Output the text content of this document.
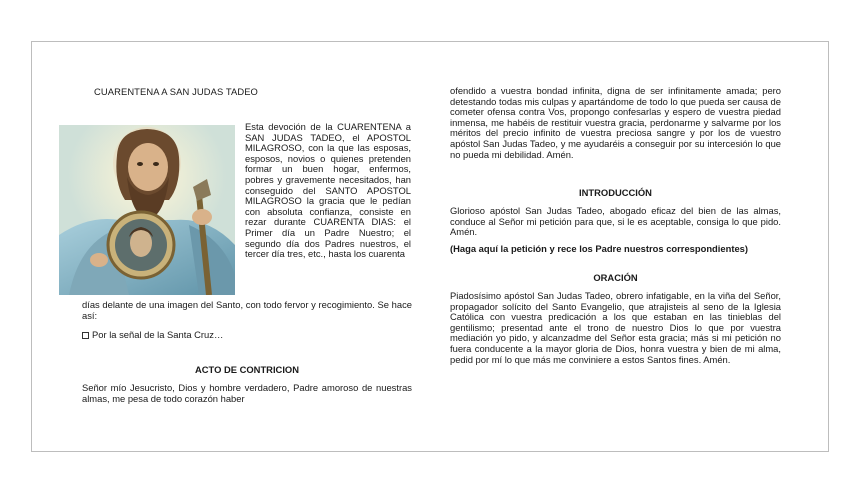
CUARENTENA A SAN JUDAS TADEO
Esta devoción de la CUARENTENA a SAN JUDAS TADEO, el APOSTOL MILAGROSO, con la que las esposas, esposos, novios o quienes pretenden formar un buen hogar, enfermos, pobres y gravemente necesitados, han conseguido del SANTO APOSTOL MILAGROSO la gracia que le pedían con absoluta confianza, consiste en rezar durante CUARENTA DIAS: el Primer día un Padre Nuestro; el segundo día dos Padres nuestros, el tercer día tres, etc., hasta los cuarenta
días delante de una imagen del Santo, con todo fervor y recogimiento. Se hace así:
Por la señal de la Santa Cruz…
ACTO DE CONTRICION
Señor mío Jesucristo, Dios y hombre verdadero, Padre amoroso de nuestras almas, me pesa de todo corazón haber
ofendido a vuestra bondad infinita, digna de ser infinitamente amada; pero detestando todas mis culpas y apartándome de todo lo que pueda ser causa de cometer ofensa contra Vos, propongo confesarlas y espero de vuestra piedad inmensa, me habéis de restituir vuestra gracia, perdonarme y salvarme por los méritos del precio infinito de vuestra preciosa sangre y por los de vuestro apóstol San Judas Tadeo, y me ayudaréis a conseguir por su intercesión lo que no pueda mi debilidad. Amén.
INTRODUCCIÓN
Glorioso apóstol San Judas Tadeo, abogado eficaz del bien de las almas, conduce al Señor mi petición para que, si le es aceptable, consiga lo que pido. Amén.
(Haga aquí la petición y rece los Padre nuestros correspondientes)
ORACIÓN
Piadosísimo apóstol San Judas Tadeo, obrero infatigable, en la viña del Señor, propagador solícito del Santo Evangelio, que atrajisteis al seno de la Iglesia Católica con vuestra predicación a los que estaban en las tinieblas del gentilismo; presentad ante el trono de nuestro Dios lo que por vuestra mediación yo pido, y alcanzadme del Señor esta gracia; más si mi petición no fuera conducente a la mayor gloria de Dios, honra vuestra y bien de mi alma, pedid por mí lo que más me conviniere a estos Santos fines. Amén.
